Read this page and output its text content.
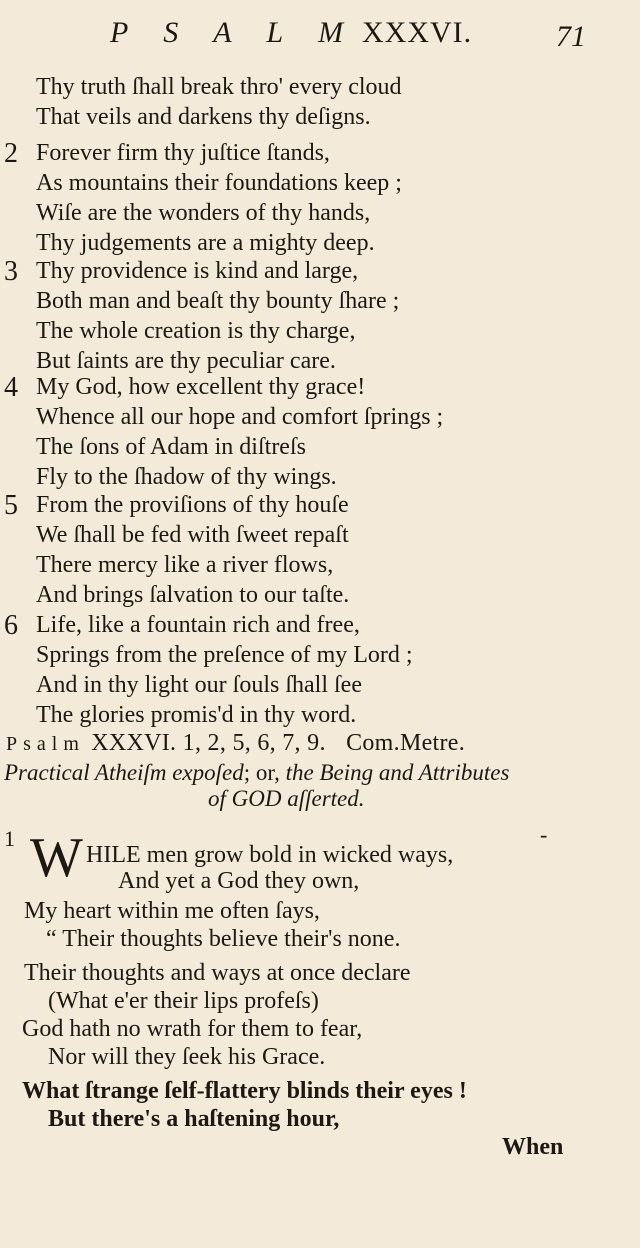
P S A L M XXXVI.	71
Thy truth ſhall break thro' every cloud
That veils and darkens thy deſigns.
2 Forever firm thy juſtice ſtands,
As mountains their foundations keep ;
Wiſe are the wonders of thy hands,
Thy judgements are a mighty deep.
3 Thy providence is kind and large,
Both man and beaſt thy bounty ſhare ;
The whole creation is thy charge,
But ſaints are thy peculiar care.
4 My God, how excellent thy grace!
Whence all our hope and comfort ſprings ;
The ſons of Adam in diſtreſs
Fly to the ſhadow of thy wings.
5 From the proviſions of thy houſe
We ſhall be fed with ſweet repaſt
There mercy like a river flows,
And brings ſalvation to our taſte.
6 Life, like a fountain rich and free,
Springs from the preſence of my Lord ;
And in thy light our ſouls ſhall ſee
The glories promis'd in thy word.
Psalm XXXVI. 1, 2, 5, 6, 7, 9. Com.Metre.
Practical Atheiſm expoſed; or, the Being and Attributes
of GOD aſſerted.
1 W	-
HILE men grow bold in wicked ways,
And yet a God they own,
My heart within me often ſays,
“ Their thoughts believe their's none.
Their thoughts and ways at once declare
(What e'er their lips profeſs)
God hath no wrath for them to fear,
Nor will they ſeek his Grace.
What ſtrange ſelf-flattery blinds their eyes !
But there's a haſtening hour,
When
